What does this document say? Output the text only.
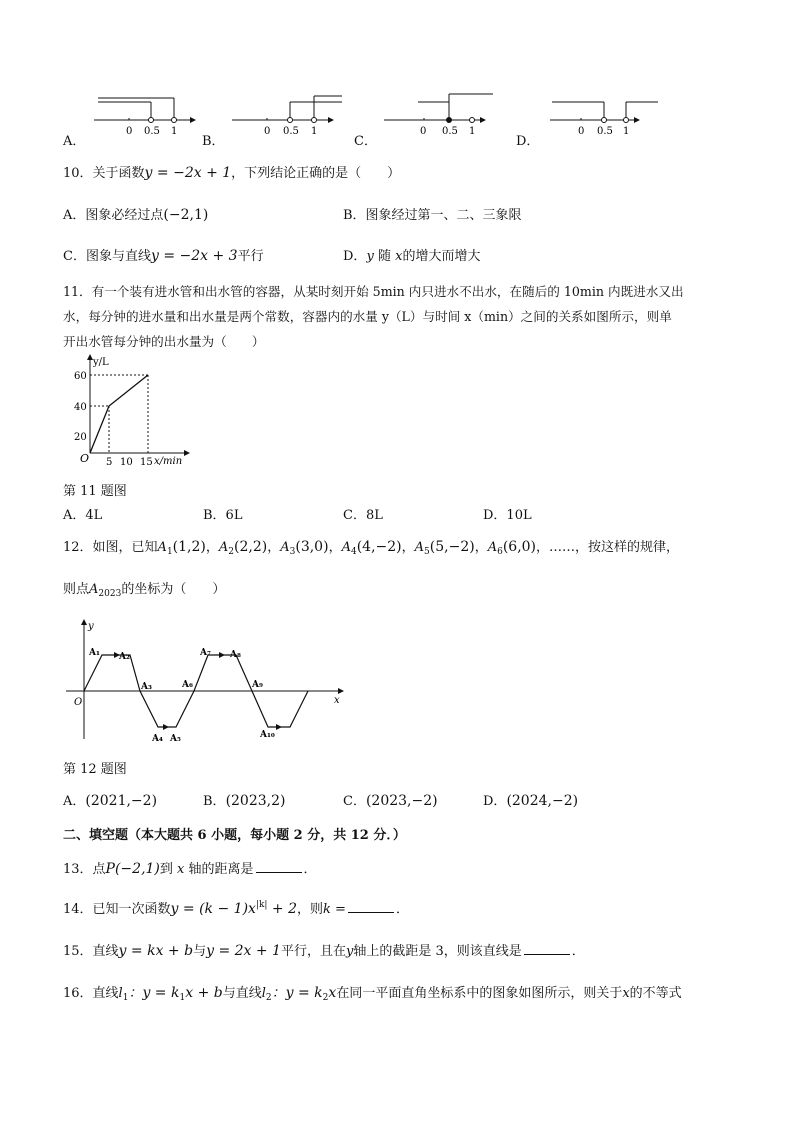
A．
0 0.5 1
B．
0 0.5 1
C．
0 0.5 1
D．
0 0.5 1
10．关于函数y = −2x + 1，下列结论正确的是（　　）
A．图象必经过点(−2,1)	B．图象经过第一、二、三象限
C．图象与直线y = −2x + 3平行	D．y 随 x的增大而增大
11．有一个装有进水管和出水管的容器，从某时刻开始 5min 内只进水不出水，在随后的 10min 内既进水又出
水，每分钟的进水量和出水量是两个常数，容器内的水量 y（L）与时间 x（min）之间的关系如图所示，则单
开出水管每分钟的出水量为（　　）
y/L
x/min
O
20
40
60
5 10 15
第 11 题图
A．4L	B．6L	C．8L	D．10L
12．如图，已知$A_1(1,2)$，$A_2(2,2)$，$A_3(3,0)$，$A_4(4,-2)$，$A_5(5,-2)$，$A_6(6,0)$，……，按这样的规律，
则点$A_{2023}$的坐标为（　　）
y
x
O
A₁ A₂
A₃
A₄ A₅
A₆
A₇ A₈
A₉
A₁₀
第 12 题图
A．(2021,−2)	B．(2023,2)	C．(2023,−2)	D．(2024,−2)
二、填空题（本大题共 6 小题，每小题 2 分，共 12 分．）
13．点P(−2,1)到 x 轴的距离是	．
14．已知一次函数$y = (k - 1)x^{|k|} + 2$，则k =	．
15．直线y = kx + b与y = 2x + 1平行，且在y轴上的截距是 3，则该直线是	．
16．直线$l_1$：$y = k_1x + b$与直线$l_2$：$y = k_2x$在同一平面直角坐标系中的图象如图所示，则关于x的不等式
